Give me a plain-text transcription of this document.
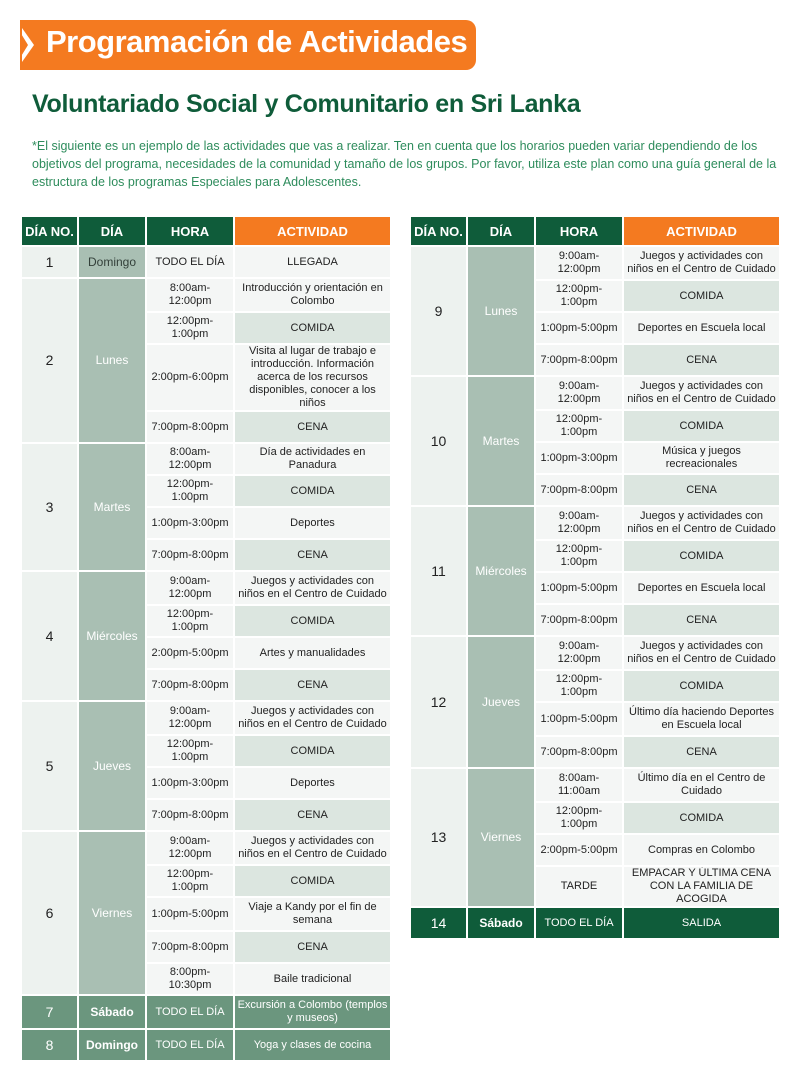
Programación de Actividades
Voluntariado Social y Comunitario en Sri Lanka
*El siguiente es un ejemplo de las actividades que vas a realizar. Ten en cuenta que los horarios pueden variar dependiendo de los objetivos del programa, necesidades de la comunidad y tamaño de los grupos. Por favor, utiliza este plan como una guía general de la estructura de los programas Especiales para Adolescentes.
DÍA NO.	DÍA	HORA	ACTIVIDAD
1	Domingo	TODO EL DÍA	LLEGADA
2	Lunes	8:00am-12:00pm	Introducción y orientación en Colombo
		12:00pm-1:00pm	COMIDA
		2:00pm-6:00pm	Visita al lugar de trabajo e introducción. Información acerca de los recursos disponibles, conocer a los niños
		7:00pm-8:00pm	CENA
3	Martes	8:00am-12:00pm	Día de actividades en Panadura
		12:00pm-1:00pm	COMIDA
		1:00pm-3:00pm	Deportes
		7:00pm-8:00pm	CENA
4	Miércoles	9:00am-12:00pm	Juegos y actividades con niños en el Centro de Cuidado
		12:00pm-1:00pm	COMIDA
		2:00pm-5:00pm	Artes y manualidades
		7:00pm-8:00pm	CENA
5	Jueves	9:00am-12:00pm	Juegos y actividades con niños en el Centro de Cuidado
		12:00pm-1:00pm	COMIDA
		1:00pm-3:00pm	Deportes
		7:00pm-8:00pm	CENA
6	Viernes	9:00am-12:00pm	Juegos y actividades con niños en el Centro de Cuidado
		12:00pm-1:00pm	COMIDA
		1:00pm-5:00pm	Viaje a Kandy por el fin de semana
		7:00pm-8:00pm	CENA
		8:00pm-10:30pm	Baile tradicional
7	Sábado	TODO EL DÍA	Excursión a Colombo (templos y museos)
8	Domingo	TODO EL DÍA	Yoga y clases de cocina
DÍA NO.	DÍA	HORA	ACTIVIDAD
9	Lunes	9:00am-12:00pm	Juegos y actividades con niños en el Centro de Cuidado
		12:00pm-1:00pm	COMIDA
		1:00pm-5:00pm	Deportes en Escuela local
		7:00pm-8:00pm	CENA
10	Martes	9:00am-12:00pm	Juegos y actividades con niños en el Centro de Cuidado
		12:00pm-1:00pm	COMIDA
		1:00pm-3:00pm	Música y juegos recreacionales
		7:00pm-8:00pm	CENA
11	Miércoles	9:00am-12:00pm	Juegos y actividades con niños en el Centro de Cuidado
		12:00pm-1:00pm	COMIDA
		1:00pm-5:00pm	Deportes en Escuela local
		7:00pm-8:00pm	CENA
12	Jueves	9:00am-12:00pm	Juegos y actividades con niños en el Centro de Cuidado
		12:00pm-1:00pm	COMIDA
		1:00pm-5:00pm	Último día haciendo Deportes en Escuela local
		7:00pm-8:00pm	CENA
13	Viernes	8:00am-11:00am	Último día en el Centro de Cuidado
		12:00pm-1:00pm	COMIDA
		2:00pm-5:00pm	Compras en Colombo
		TARDE	EMPACAR Y ÚLTIMA CENA CON LA FAMILIA DE ACOGIDA
14	Sábado	TODO EL DÍA	SALIDA
